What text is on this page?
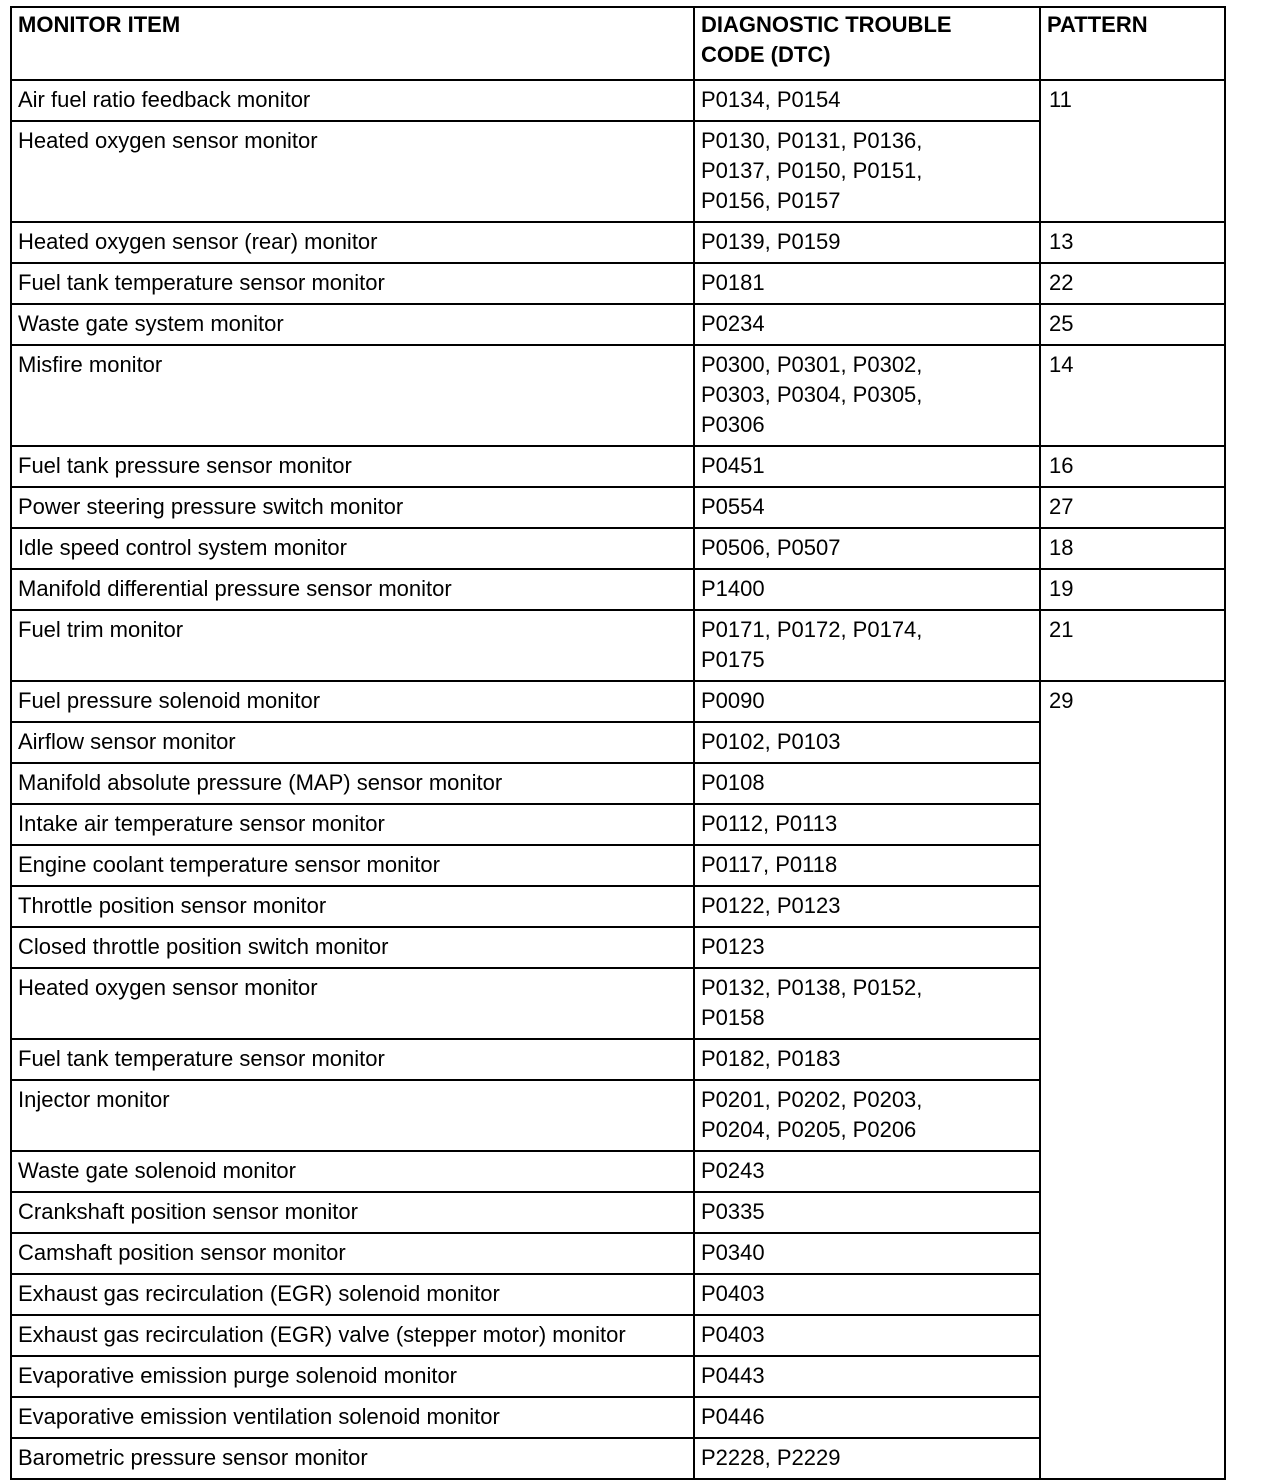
MONITOR ITEM	DIAGNOSTIC TROUBLE
CODE (DTC)	PATTERN
Air fuel ratio feedback monitor	P0134, P0154	11
Heated oxygen sensor monitor	P0130, P0131, P0136,
P0137, P0150, P0151,
P0156, P0157	
Heated oxygen sensor (rear) monitor	P0139, P0159	13
Fuel tank temperature sensor monitor	P0181	22
Waste gate system monitor	P0234	25
Misfire monitor	P0300, P0301, P0302,
P0303, P0304, P0305,
P0306	14
Fuel tank pressure sensor monitor	P0451	16
Power steering pressure switch monitor	P0554	27
Idle speed control system monitor	P0506, P0507	18
Manifold differential pressure sensor monitor	P1400	19
Fuel trim monitor	P0171, P0172, P0174,
P0175	21
Fuel pressure solenoid monitor	P0090	29
Airflow sensor monitor	P0102, P0103	
Manifold absolute pressure (MAP) sensor monitor	P0108	
Intake air temperature sensor monitor	P0112, P0113	
Engine coolant temperature sensor monitor	P0117, P0118	
Throttle position sensor monitor	P0122, P0123	
Closed throttle position switch monitor	P0123	
Heated oxygen sensor monitor	P0132, P0138, P0152,
P0158	
Fuel tank temperature sensor monitor	P0182, P0183	
Injector monitor	P0201, P0202, P0203,
P0204, P0205, P0206	
Waste gate solenoid monitor	P0243	
Crankshaft position sensor monitor	P0335	
Camshaft position sensor monitor	P0340	
Exhaust gas recirculation (EGR) solenoid monitor	P0403	
Exhaust gas recirculation (EGR) valve (stepper motor) monitor	P0403	
Evaporative emission purge solenoid monitor	P0443	
Evaporative emission ventilation solenoid monitor	P0446	
Barometric pressure sensor monitor	P2228, P2229	
